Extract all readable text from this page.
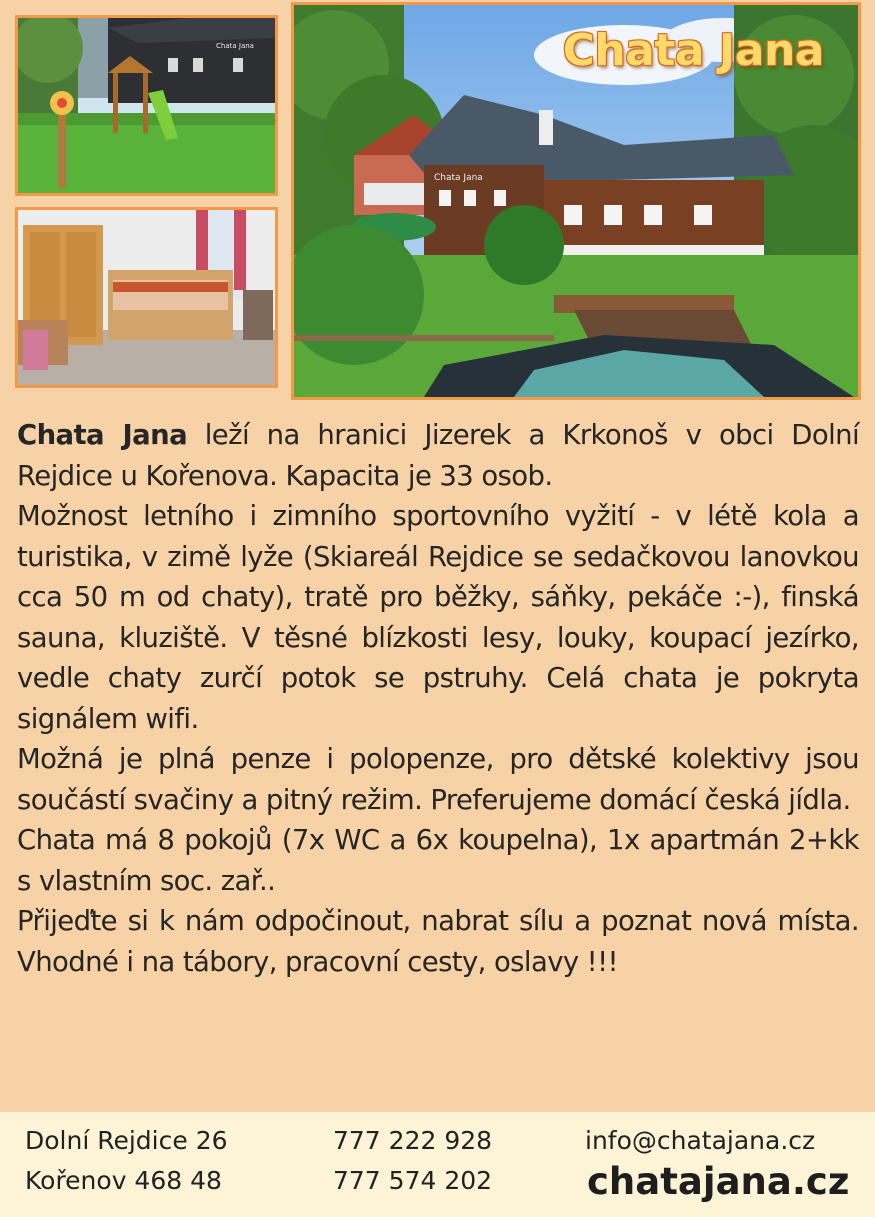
Chata Jana
Chata Jana
Chata Jana

Chata Jana leží na hranici Jizerek a Krkonoš v obci Dolní Rejdice u Kořenova. Kapacita je 33 osob.

Možnost letního i zimního sportovního vyžití - v létě kola a turistika, v zimě lyže (Skiareál Rejdice se sedačkovou lanovkou cca 50 m od chaty), tratě pro běžky, sáňky, pekáče :-), finská sauna, kluziště. V těsné blízkosti lesy, louky, koupací jezírko, vedle chaty zurčí potok se pstruhy. Celá chata je pokryta signálem wifi.

Možná je plná penze i polopenze, pro dětské kolektivy jsou součástí svačiny a pitný režim. Preferujeme domácí česká jídla.

Chata má 8 pokojů (7x WC a 6x koupelna), 1x apartmán 2+kk s vlastním soc. zař..

Přijeďte si k nám odpočinout, nabrat sílu a poznat nová místa. Vhodné i na tábory, pracovní cesty, oslavy !!!

Dolní Rejdice 26
Kořenov 468 48
777 222 928
777 574 202
info@chatajana.cz
chatajana.cz
